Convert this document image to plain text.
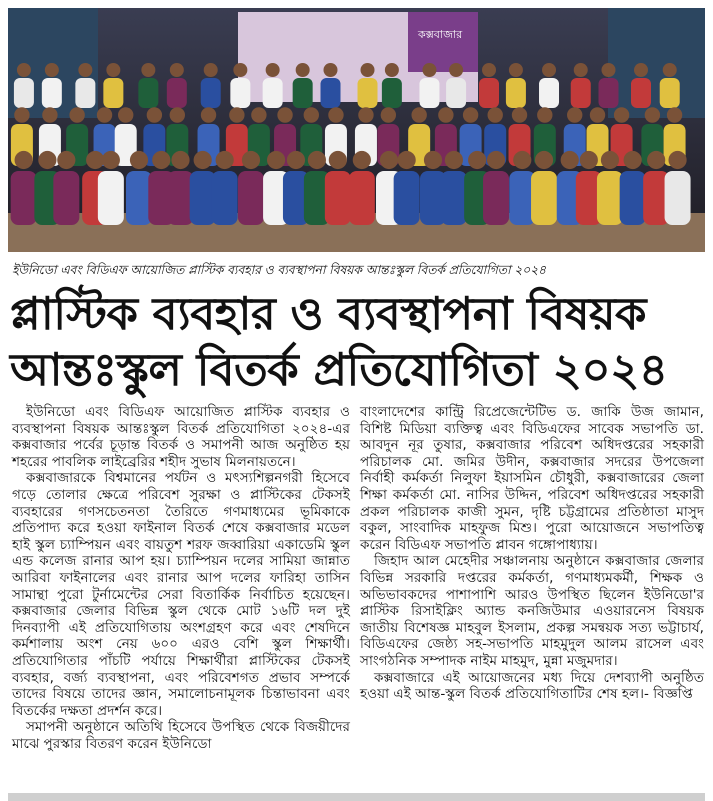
কক্সবাজার
ইউনিডো এবং বিডিএফ আয়োজিত প্লাস্টিক ব্যবহার ও ব্যবস্থাপনা বিষয়ক আন্তঃস্কুল বিতর্ক প্রতিযোগিতা ২০২৪
প্লাস্টিক ব্যবহার ও ব্যবস্থাপনা বিষয়ক
আন্তঃস্কুল বিতর্ক প্রতিযোগিতা ২০২৪

ইউনিডো এবং বিডিএফ আয়োজিত প্লাস্টিক ব্যবহার ও ব্যবস্থাপনা বিষয়ক আন্তঃস্কুল বিতর্ক প্রতিযোগিতা ২০২৪-এর কক্সবাজার পর্বের চূড়ান্ত বিতর্ক ও সমাপনী আজ অনুষ্ঠিত হয় শহরের পাবলিক লাইব্রেরির শহীদ সুভাষ মিলনায়তনে।

কক্সবাজারকে বিশ্বমানের পর্যটন ও মৎস্যশিল্পনগরী হিসেবে গড়ে তোলার ক্ষেত্রে পরিবেশ সুরক্ষা ও প্লাস্টিকের টেকসই ব্যবহারের গণসচেতনতা তৈরিতে গণমাধ্যমের ভূমিকাকে প্রতিপাদ্য করে হওয়া ফাইনাল বিতর্ক শেষে কক্সবাজার মডেল হাই স্কুল চ্যাম্পিয়ন এবং বায়তুশ শরফ জব্বারিয়া একাডেমি স্কুল এন্ড কলেজ রানার আপ হয়। চ্যাম্পিয়ন দলের সামিয়া জান্নাত আরিবা ফাইনালের এবং রানার আপ দলের ফারিহা তাসিন সামান্থা পুরো টুর্নামেন্টের সেরা বিতার্কিক নির্বাচিত হয়েছেন। কক্সবাজার জেলার বিভিন্ন স্কুল থেকে মোট ১৬টি দল দুই দিনব্যাপী এই প্রতিযোগিতায় অংশগ্রহণ করে এবং শেষদিনে কর্মশালায় অংশ নেয় ৬০০ এরও বেশি স্কুল শিক্ষার্থী। প্রতিযোগিতার পাঁচটি পর্যায়ে শিক্ষার্থীরা প্লাস্টিকের টেকসই ব্যবহার, বর্জ্য ব্যবস্থাপনা, এবং পরিবেশগত প্রভাব সম্পর্কে তাদের বিষয়ে তাদের জ্ঞান, সমালোচনামূলক চিন্তাভাবনা এবং বিতর্কের দক্ষতা প্রদর্শন করে।

সমাপনী অনুষ্ঠানে অতিথি হিসেবে উপস্থিত থেকে বিজয়ীদের মাঝে পুরস্কার বিতরণ করেন ইউনিডো

বাংলাদেশের কান্ট্রি রিপ্রেজেন্টেটিভ ড. জাকি উজ জামান, বিশিষ্ট মিডিয়া ব্যক্তিত্ব এবং বিডিএফের সাবেক সভাপতি ডা. আবদুন নূর তুষার, কক্সবাজার পরিবেশ অধিদপ্তরের সহকারী পরিচালক মো. জমির উদীন, কক্সবাজার সদরের উপজেলা নির্বাহী কর্মকর্তা নিলুফা ইয়াসমিন চৌধুরী, কক্সবাজারের জেলা শিক্ষা কর্মকর্তা মো. নাসির উদ্দিন, পরিবেশ অধিদপ্তরের সহকারী প্রকল পরিচালক কাজী সুমন, দৃষ্টি চট্টগ্রামের প্রতিষ্ঠাতা মাসুদ বকুল, সাংবাদিক মাহফুজ মিশু। পুরো আয়োজনে সভাপতিত্ব করেন বিডিএফ সভাপতি প্লাবন গঙ্গোপাধ্যায়।

জিহাদ আল মেহেদীর সঞ্চালনায় অনুষ্ঠানে কক্সবাজার জেলার বিভিন্ন সরকারি দপ্তরের কর্মকর্তা, গণমাধ্যমকর্মী, শিক্ষক ও অভিভাবকদের পাশাপাশি আরও উপস্থিত ছিলেন ইউনিডো'র প্লাস্টিক রিসাইক্লিং অ্যান্ড কনজিউমার এওয়ারনেস বিষয়ক জাতীয় বিশেষজ্ঞ মাহবুল ইসলাম, প্রকল্প সমন্বয়ক সত্য ভট্টাচার্য, বিডিএফের জেষ্ঠ্য সহ-সভাপতি মাহমুদুল আলম রাসেল এবং সাংগঠনিক সম্পাদক নাইম মাহমুদ, মুন্না মজুমদার।

কক্সবাজারে এই আয়োজনের মধ্য দিয়ে দেশব্যাপী অনুষ্ঠিত হওয়া এই আন্ত-স্কুল বিতর্ক প্রতিযোগিতাটির শেষ হল।- বিজ্ঞপ্তি
